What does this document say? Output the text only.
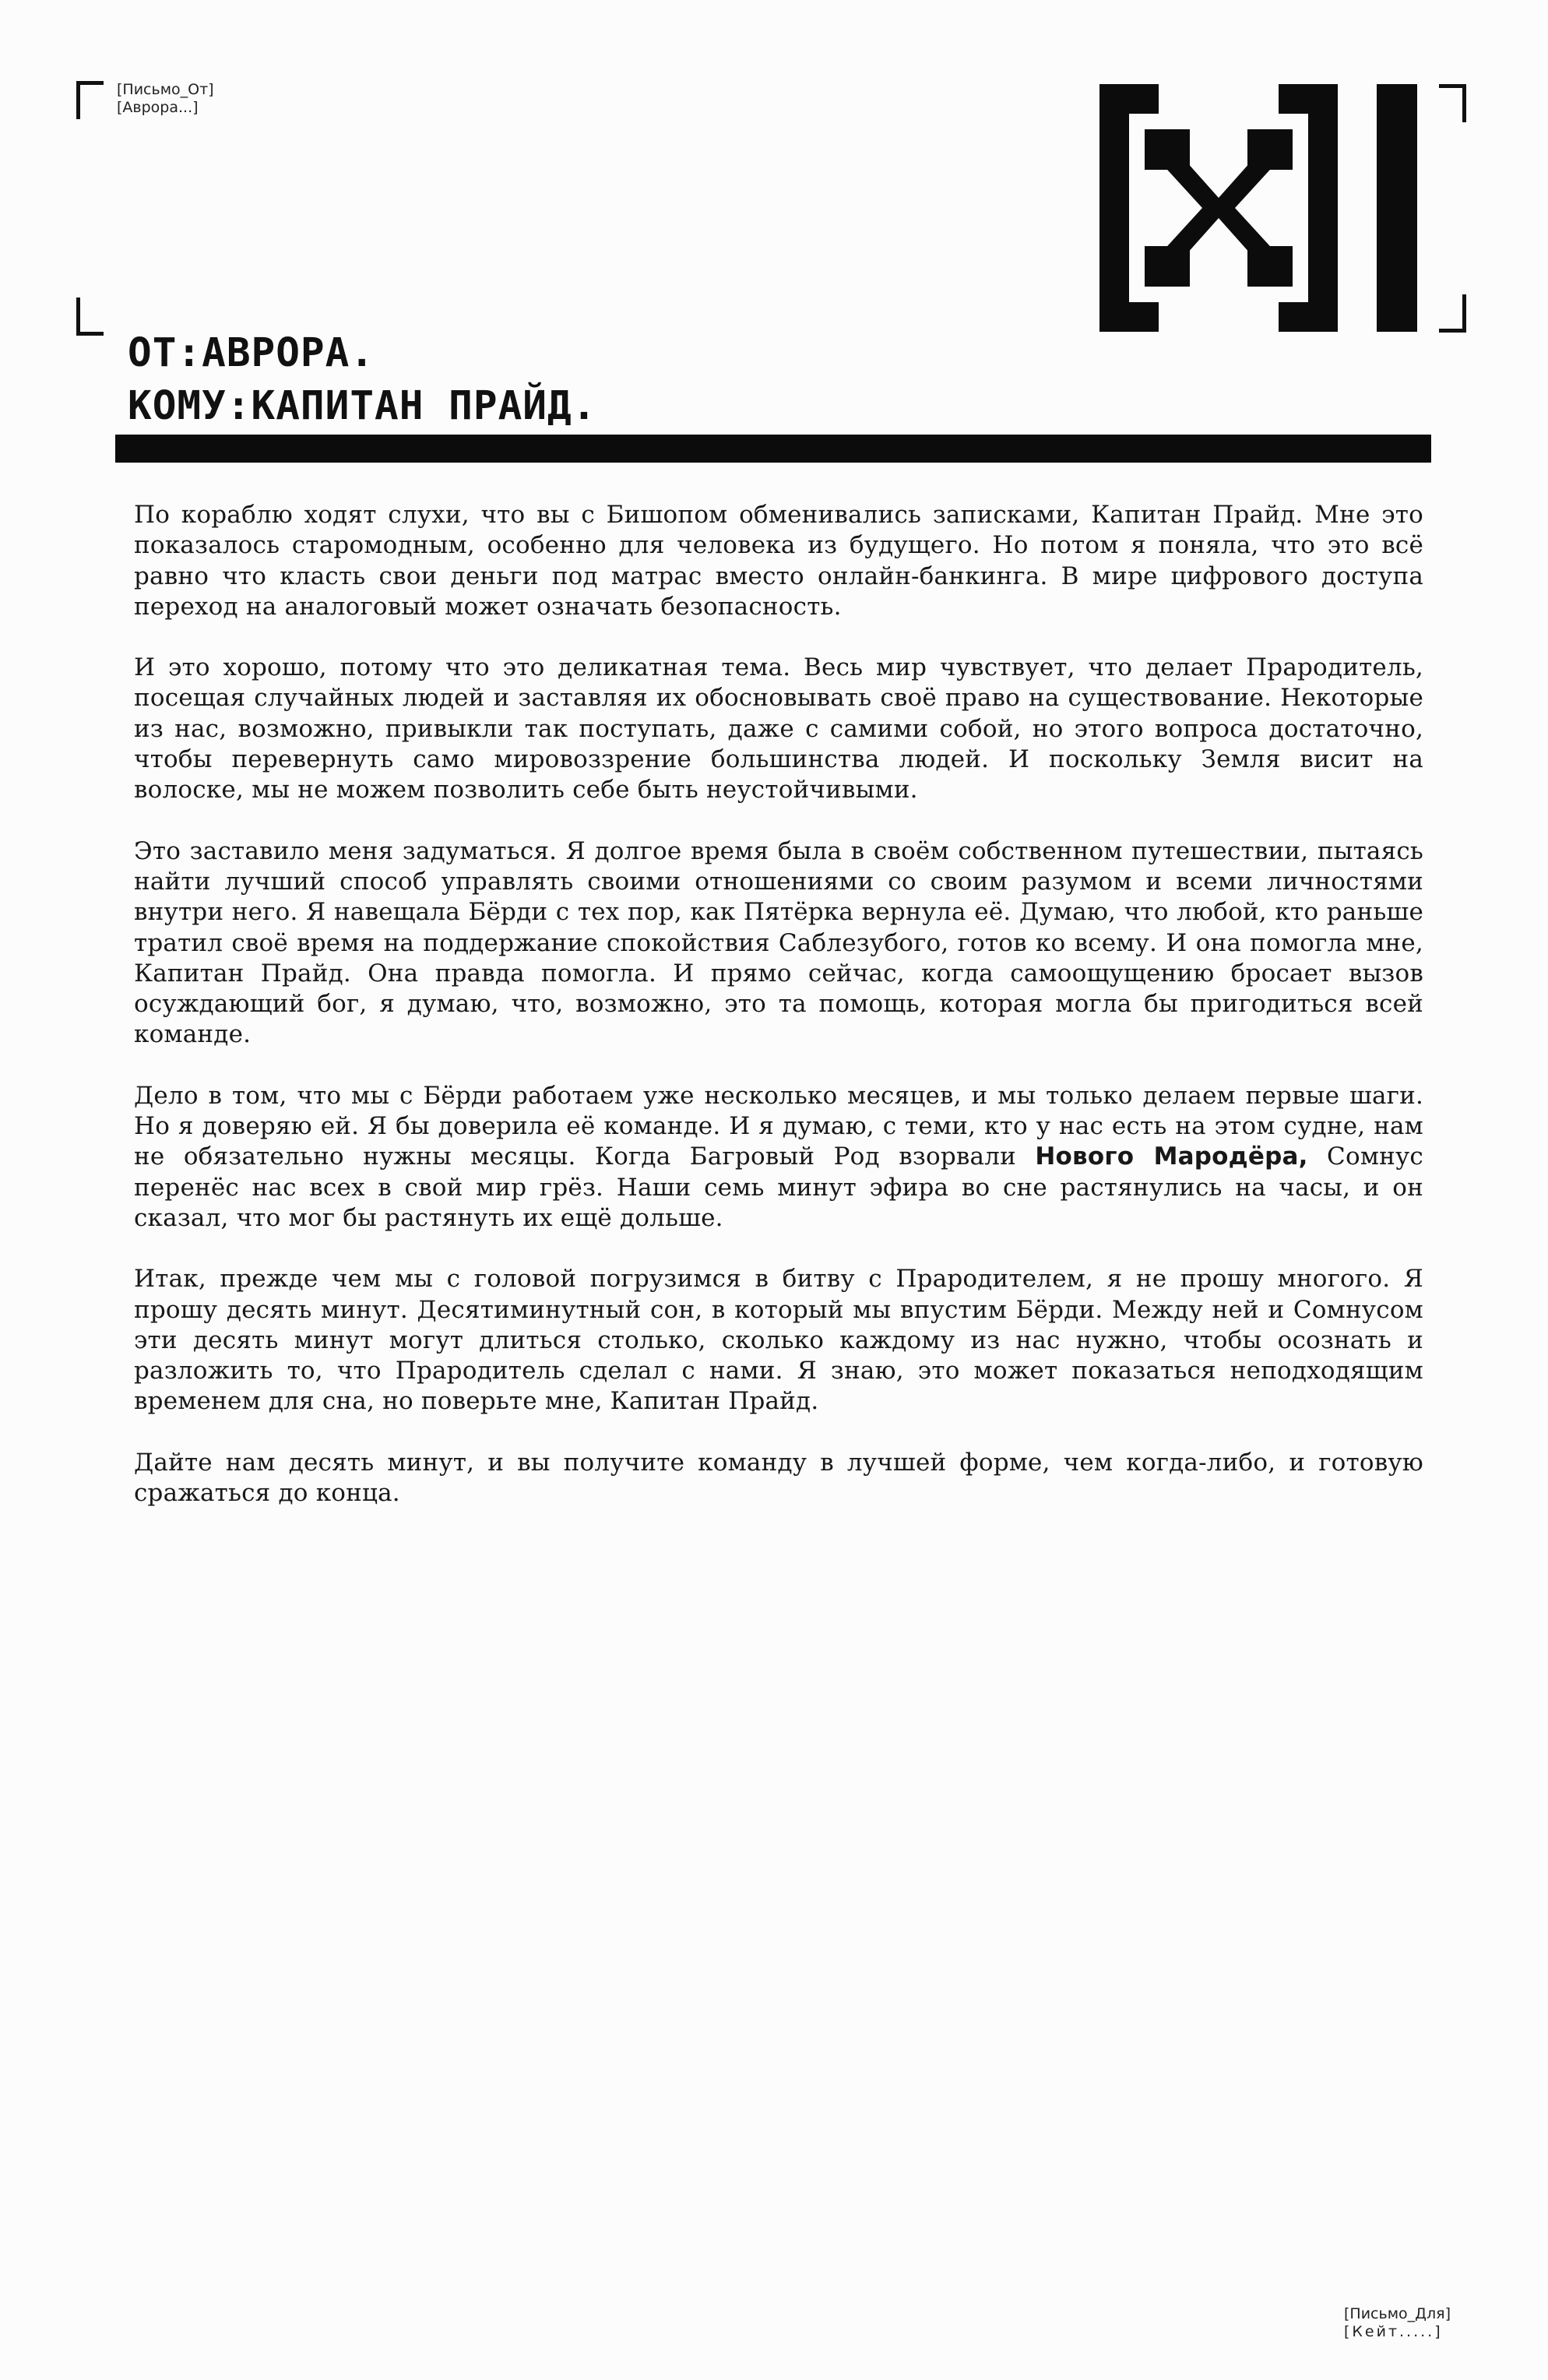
[Письмо_От]
[Аврора...]
ОТ:АВРОРА.
КОМУ:КАПИТАН ПРАЙД.

По кораблю ходят слухи, что вы с Бишопом обменивались записками, Капитан Прайд. Мне это показалось старомодным, особенно для человека из будущего. Но потом я поняла, что это всё равно что класть свои деньги под матрас вместо онлайн-банкинга. В мире цифрового доступа переход на аналоговый может означать безопасность.

И это хорошо, потому что это деликатная тема. Весь мир чувствует, что делает Прародитель, посещая случайных людей и заставляя их обосновывать своё право на существование. Некоторые из нас, возможно, привыкли так поступать, даже с самими собой, но этого вопроса достаточно, чтобы перевернуть само мировоззрение большинства людей. И поскольку Земля висит на волоске, мы не можем позволить себе быть неустойчивыми.

Это заставило меня задуматься. Я долгое время была в своём собственном путешествии, пытаясь найти лучший способ управлять своими отношениями со своим разумом и всеми личностями внутри него. Я навещала Бёрди с тех пор, как Пятёрка вернула её. Думаю, что любой, кто раньше тратил своё время на поддержание спокойствия Саблезубого, готов ко всему. И она помогла мне, Капитан Прайд. Она правда помогла. И прямо сейчас, когда самоощущению бросает вызов осуждающий бог, я думаю, что, возможно, это та помощь, которая могла бы пригодиться всей команде.

Дело в том, что мы с Бёрди работаем уже несколько месяцев, и мы только делаем первые шаги. Но я доверяю ей. Я бы доверила её команде. И я думаю, с теми, кто у нас есть на этом судне, нам не обязательно нужны месяцы. Когда Багровый Род взорвали Нового Мародёра, Сомнус перенёс нас всех в свой мир грёз. Наши семь минут эфира во сне растянулись на часы, и он сказал, что мог бы растянуть их ещё дольше.

Итак, прежде чем мы с головой погрузимся в битву с Прародителем, я не прошу многого. Я прошу десять минут. Десятиминутный сон, в который мы впустим Бёрди. Между ней и Сомнусом эти десять минут могут длиться столько, сколько каждому из нас нужно, чтобы осознать и разложить то, что Прародитель сделал с нами. Я знаю, это может показаться неподходящим временем для сна, но поверьте мне, Капитан Прайд.

Дайте нам десять минут, и вы получите команду в лучшей форме, чем когда-либо, и готовую сражаться до конца.

[Письмо_Для]
[Кейт.....]
